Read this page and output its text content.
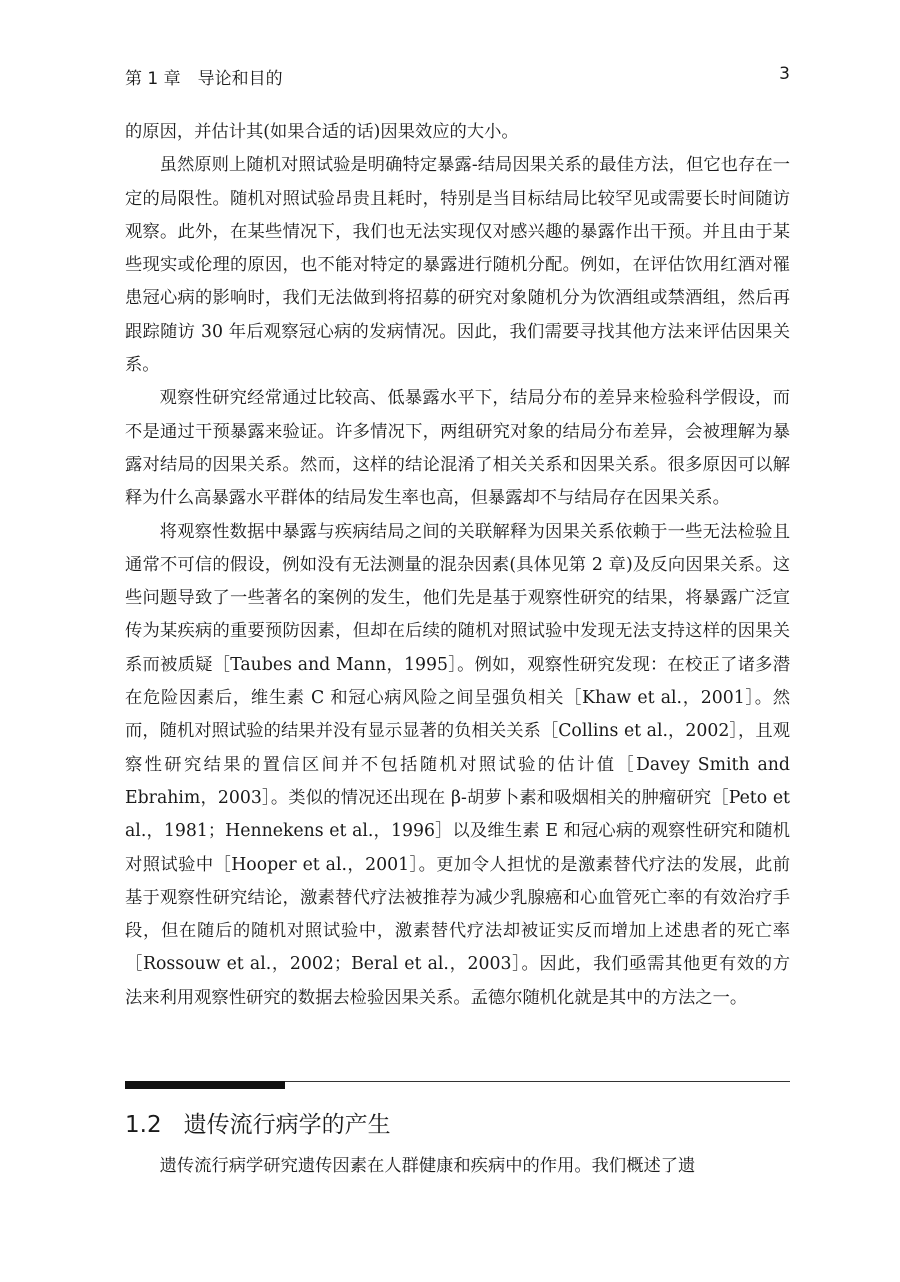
第 1 章　导论和目的	3

的原因，并估计其(如果合适的话)因果效应的大小。

虽然原则上随机对照试验是明确特定暴露-结局因果关系的最佳方法，但它也存在一定的局限性。随机对照试验昂贵且耗时，特别是当目标结局比较罕见或需要长时间随访观察。此外，在某些情况下，我们也无法实现仅对感兴趣的暴露作出干预。并且由于某些现实或伦理的原因，也不能对特定的暴露进行随机分配。例如，在评估饮用红酒对罹患冠心病的影响时，我们无法做到将招募的研究对象随机分为饮酒组或禁酒组，然后再跟踪随访 30 年后观察冠心病的发病情况。因此，我们需要寻找其他方法来评估因果关系。

观察性研究经常通过比较高、低暴露水平下，结局分布的差异来检验科学假设，而不是通过干预暴露来验证。许多情况下，两组研究对象的结局分布差异，会被理解为暴露对结局的因果关系。然而，这样的结论混淆了相关关系和因果关系。很多原因可以解释为什么高暴露水平群体的结局发生率也高，但暴露却不与结局存在因果关系。

将观察性数据中暴露与疾病结局之间的关联解释为因果关系依赖于一些无法检验且通常不可信的假设，例如没有无法测量的混杂因素(具体见第 2 章)及反向因果关系。这些问题导致了一些著名的案例的发生，他们先是基于观察性研究的结果，将暴露广泛宣传为某疾病的重要预防因素，但却在后续的随机对照试验中发现无法支持这样的因果关系而被质疑［Taubes and Mann，1995］。例如，观察性研究发现：在校正了诸多潜在危险因素后，维生素 C 和冠心病风险之间呈强负相关［Khaw et al.，2001］。然而，随机对照试验的结果并没有显示显著的负相关关系［Collins et al.，2002］，且观察性研究结果的置信区间并不包括随机对照试验的估计值［Davey Smith and Ebrahim，2003］。类似的情况还出现在 β-胡萝卜素和吸烟相关的肿瘤研究［Peto et al.，1981；Hennekens et al.，1996］以及维生素 E 和冠心病的观察性研究和随机对照试验中［Hooper et al.，2001］。更加令人担忧的是激素替代疗法的发展，此前基于观察性研究结论，激素替代疗法被推荐为减少乳腺癌和心血管死亡率的有效治疗手段，但在随后的随机对照试验中，激素替代疗法却被证实反而增加上述患者的死亡率［Rossouw et al.，2002；Beral et al.，2003］。因此，我们亟需其他更有效的方法来利用观察性研究的数据去检验因果关系。孟德尔随机化就是其中的方法之一。

1.2 遗传流行病学的产生

遗传流行病学研究遗传因素在人群健康和疾病中的作用。我们概述了遗
